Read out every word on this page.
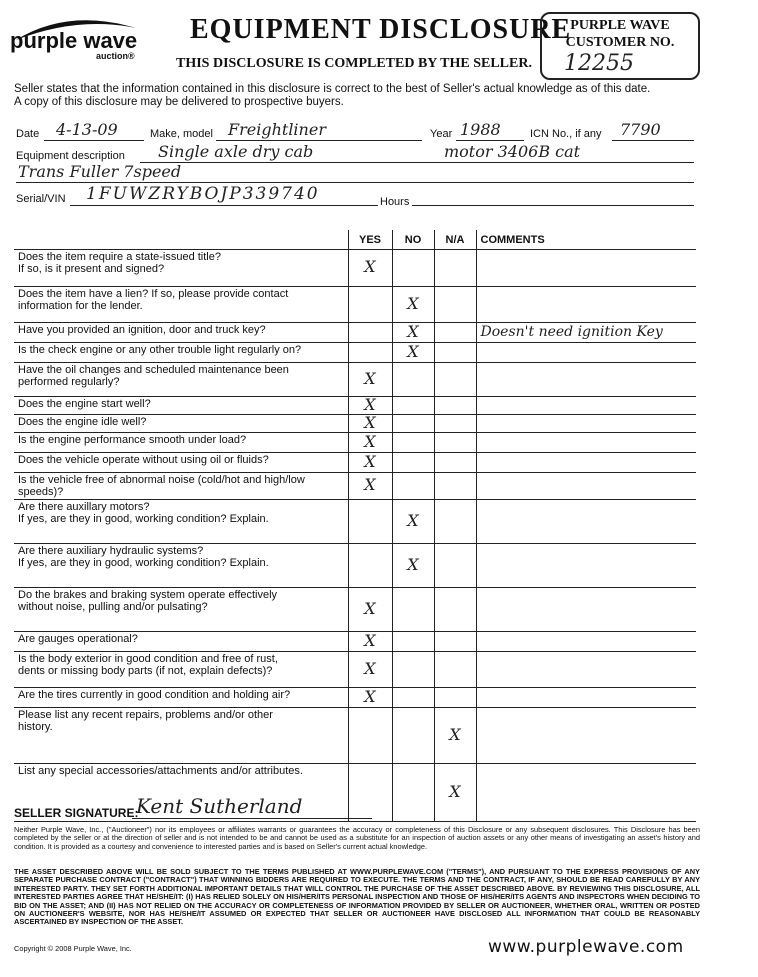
purple wave
auction®
EQUIPMENT DISCLOSURE
THIS DISCLOSURE IS COMPLETED BY THE SELLER.
PURPLE WAVE
CUSTOMER NO.
12255
Seller states that the information contained in this disclosure is correct to the best of Seller's actual knowledge as of this date.
A copy of this disclosure may be delivered to prospective buyers.
Date 4-13-09	Make, model Freightliner	Year 1988	ICN No., if any 7790
Equipment description Single axle dry cab	motor 3406B cat
Trans Fuller 7speed
Serial/VIN 1FUWZRYBOJP339740	Hours
	YES	NO	N/A	COMMENTS

Does the item require a state-issued title?
If so, is it present and signed?	X			

Does the item have a lien? If so, please provide contact
information for the lender.		X		

Have you provided an ignition, door and truck key?		X		Doesn't need ignition Key

Is the check engine or any other trouble light regularly on?		X		

Have the oil changes and scheduled maintenance been
performed regularly?	X			

Does the engine start well?	X			

Does the engine idle well?	X			

Is the engine performance smooth under load?	X			

Does the vehicle operate without using oil or fluids?	X			

Is the vehicle free of abnormal noise (cold/hot and high/low speeds)?	X			

Are there auxillary motors?
If yes, are they in good, working condition? Explain.		X		

Are there auxiliary hydraulic systems?
If yes, are they in good, working condition? Explain.		X		

Do the brakes and braking system operate effectively
without noise, pulling and/or pulsating?	X			

Are gauges operational?	X			

Is the body exterior in good condition and free of rust,
dents or missing body parts (if not, explain defects)?	X			

Are the tires currently in good condition and holding air?	X			

Please list any recent repairs, problems and/or other
history.			X	

List any special accessories/attachments and/or attributes.			X	
SELLER SIGNATURE:
Kent Sutherland
Neither Purple Wave, Inc., ("Auctioneer") nor its employees or affiliates warrants or guarantees the accuracy or completeness of this Disclosure or any subsequent disclosures. This Disclosure has been completed by the seller or at the direction of seller and is not intended to be and cannot be used as a substitute for an inspection of auction assets or any other means of investigating an asset's history and condition. It is provided as a courtesy and convenience to interested parties and is based on Seller's current actual knowledge.
THE ASSET DESCRIBED ABOVE WILL BE SOLD SUBJECT TO THE TERMS PUBLISHED AT WWW.PURPLEWAVE.COM ("TERMS"), AND PURSUANT TO THE EXPRESS PROVISIONS OF ANY SEPARATE PURCHASE CONTRACT ("CONTRACT") THAT WINNING BIDDERS ARE REQUIRED TO EXECUTE. THE TERMS AND THE CONTRACT, IF ANY, SHOULD BE READ CAREFULLY BY ANY INTERESTED PARTY. THEY SET FORTH ADDITIONAL IMPORTANT DETAILS THAT WILL CONTROL THE PURCHASE OF THE ASSET DESCRIBED ABOVE. BY REVIEWING THIS DISCLOSURE, ALL INTERESTED PARTIES AGREE THAT HE/SHE/IT: (I) HAS RELIED SOLELY ON HIS/HER/ITS PERSONAL INSPECTION AND THOSE OF HIS/HER/ITS AGENTS AND INSPECTORS WHEN DECIDING TO BID ON THE ASSET; AND (II) HAS NOT RELIED ON THE ACCURACY OR COMPLETENESS OF INFORMATION PROVIDED BY SELLER OR AUCTIONEER, WHETHER ORAL, WRITTEN OR POSTED ON AUCTIONEER'S WEBSITE, NOR HAS HE/SHE/IT ASSUMED OR EXPECTED THAT SELLER OR AUCTIONEER HAVE DISCLOSED ALL INFORMATION THAT COULD BE REASONABLY ASCERTAINED BY INSPECTION OF THE ASSET.
Copyright © 2008 Purple Wave, Inc.	www.purplewave.com
